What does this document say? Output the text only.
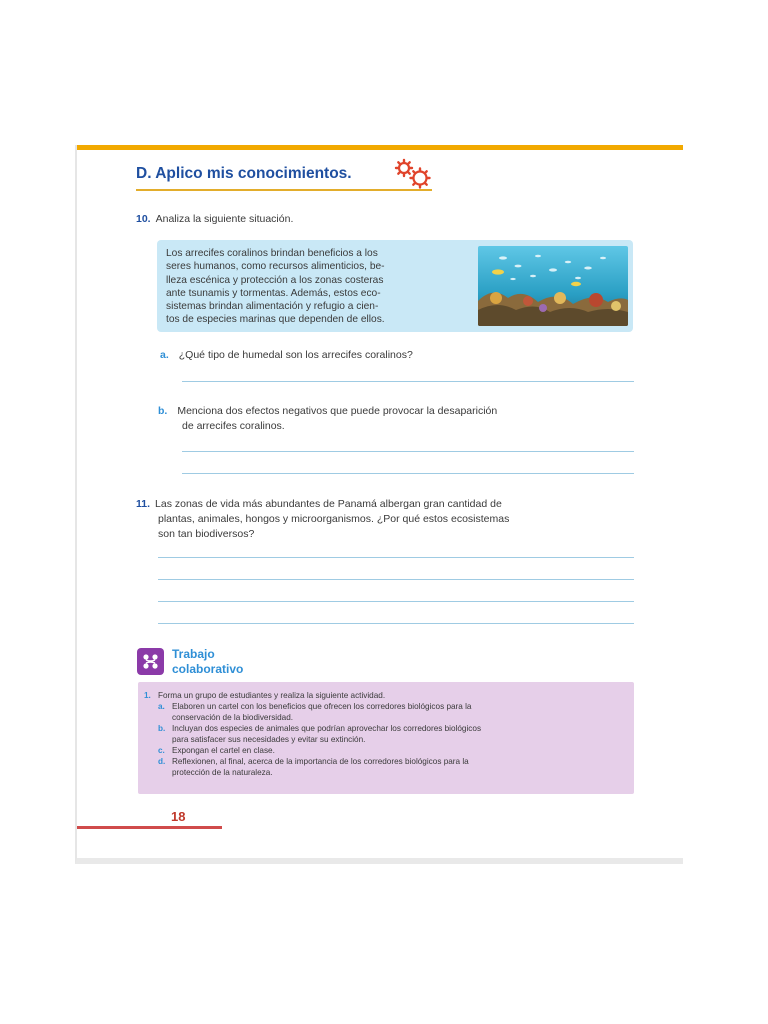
D. Aplico mis conocimientos.
10. Analiza la siguiente situación.
Los arrecifes coralinos brindan beneficios a los
seres humanos, como recursos alimenticios, be-
lleza escénica y protección a los zonas costeras
ante tsunamis y tormentas. Además, estos eco-
sistemas brindan alimentación y refugio a cien-
tos de especies marinas que dependen de ellos.
a. ¿Qué tipo de humedal son los arrecifes coralinos?
b. Menciona dos efectos negativos que puede provocar la desaparición
de arrecifes coralinos.
11. Las zonas de vida más abundantes de Panamá albergan gran cantidad de
plantas, animales, hongos y microorganismos. ¿Por qué estos ecosistemas
son tan biodiversos?
Trabajo
colaborativo
1. Forma un grupo de estudiantes y realiza la siguiente actividad.
a. Elaboren un cartel con los beneficios que ofrecen los corredores biológicos para la
conservación de la biodiversidad.
b. Incluyan dos especies de animales que podrían aprovechar los corredores biológicos
para satisfacer sus necesidades y evitar su extinción.
c. Expongan el cartel en clase.
d. Reflexionen, al final, acerca de la importancia de los corredores biológicos para la
protección de la naturaleza.
18
